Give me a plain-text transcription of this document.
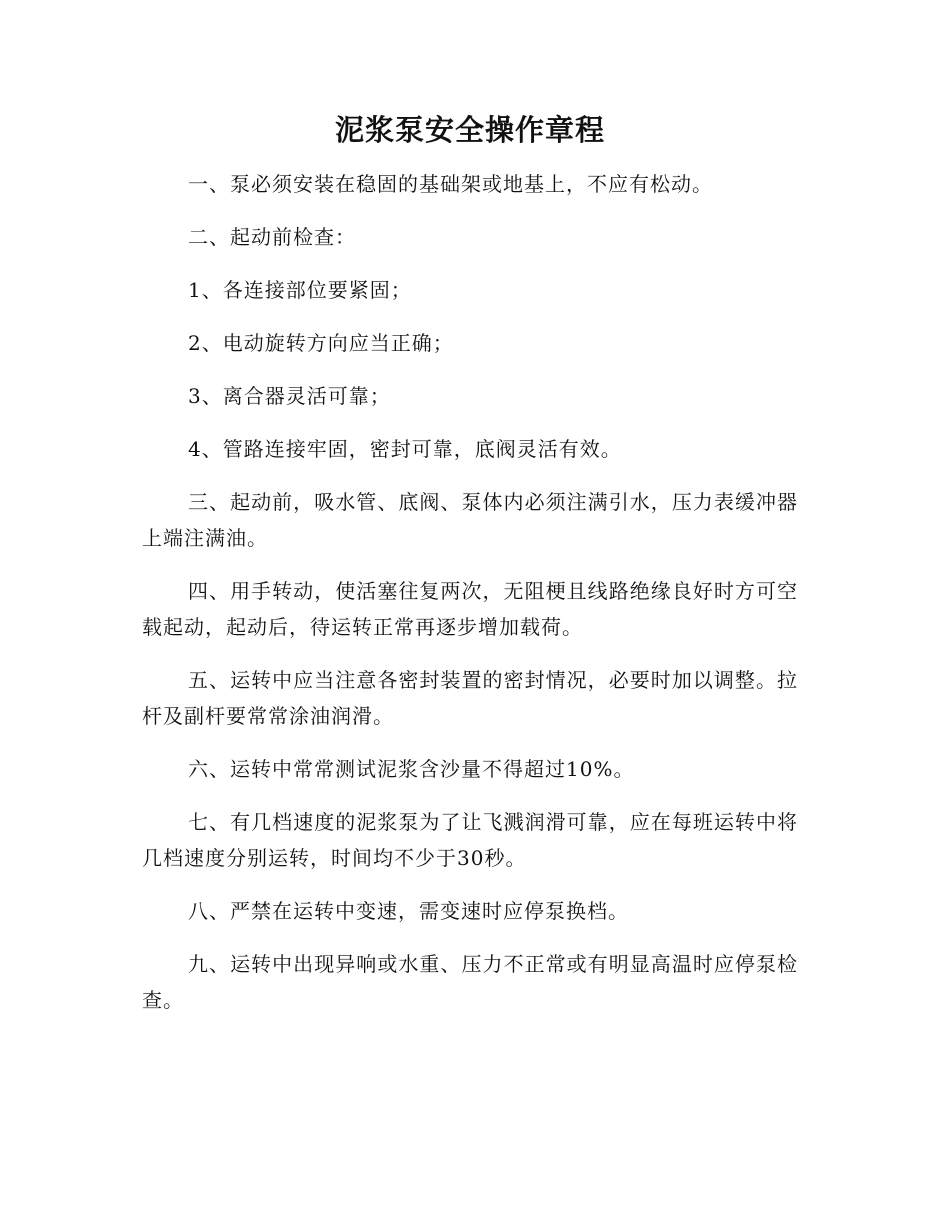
泥浆泵安全操作章程

一、泵必须安装在稳固的基础架或地基上，不应有松动。

二、起动前检查：

1、各连接部位要紧固；

2、电动旋转方向应当正确；

3、离合器灵活可靠；

4、管路连接牢固，密封可靠，底阀灵活有效。

三、起动前，吸水管、底阀、泵体内必须注满引水，压力表缓冲器上端注满油。

四、用手转动，使活塞往复两次，无阻梗且线路绝缘良好时方可空载起动，起动后，待运转正常再逐步增加载荷。

五、运转中应当注意各密封装置的密封情况，必要时加以调整。拉杆及副杆要常常涂油润滑。

六、运转中常常测试泥浆含沙量不得超过10%。

七、有几档速度的泥浆泵为了让飞溅润滑可靠，应在每班运转中将几档速度分别运转，时间均不少于30秒。

八、严禁在运转中变速，需变速时应停泵换档。

九、运转中出现异响或水重、压力不正常或有明显高温时应停泵检查。
